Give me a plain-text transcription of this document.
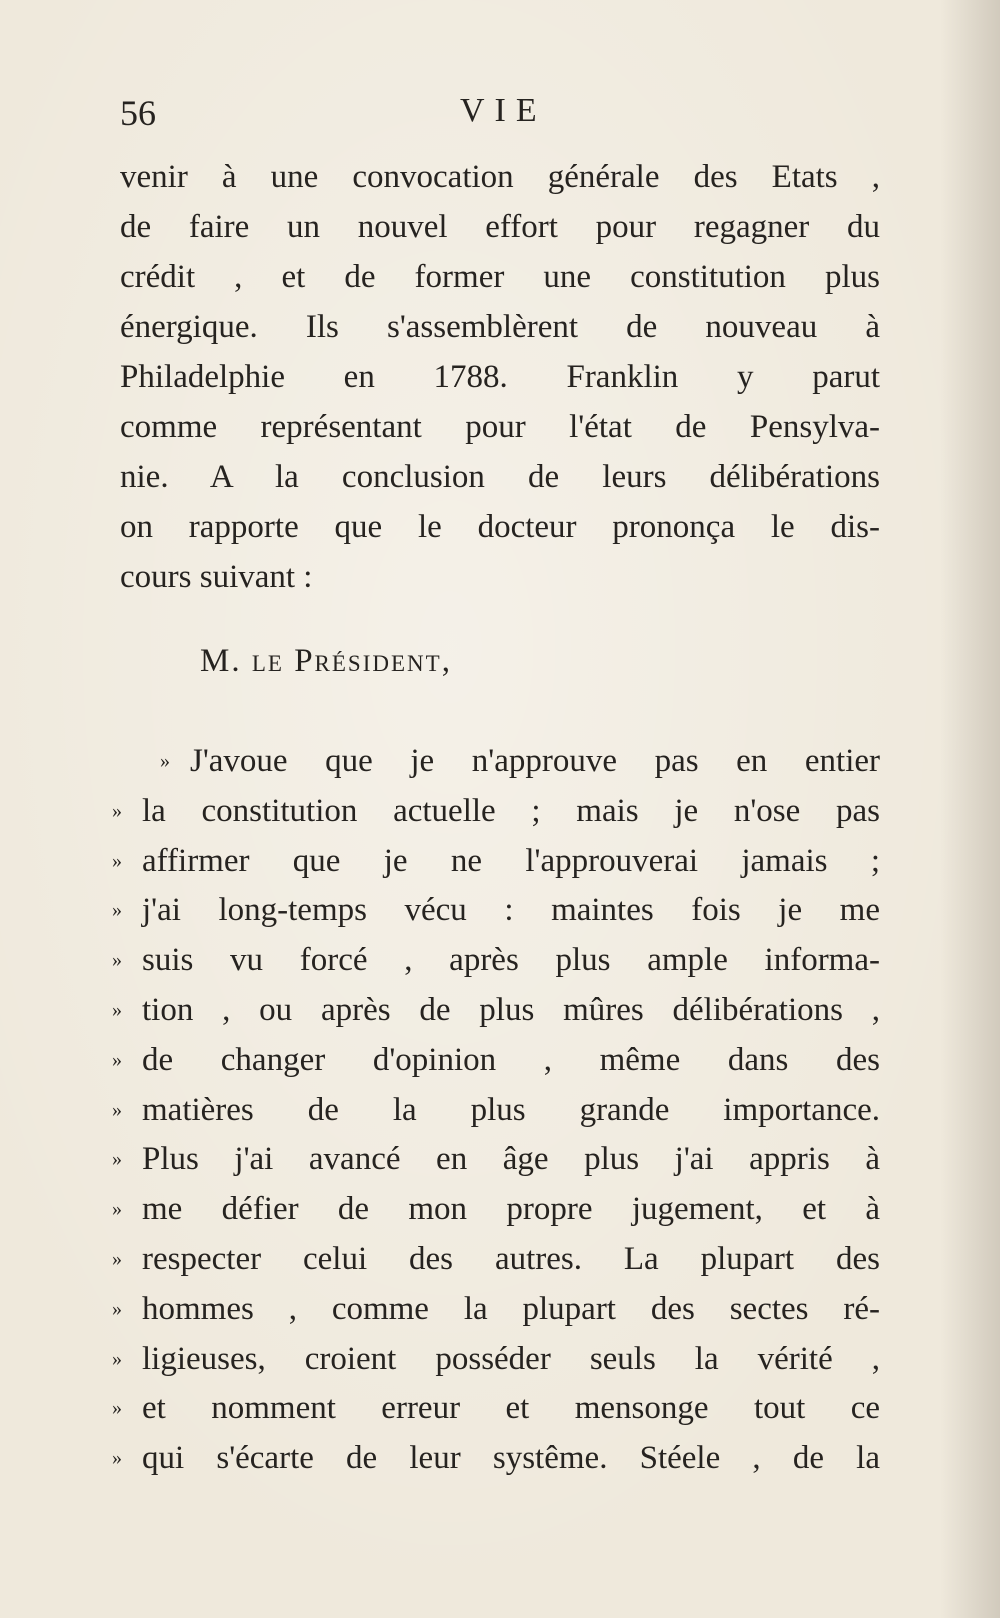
56	VIE
venir à une convocation générale des Etats ,
de faire un nouvel effort pour regagner du
crédit , et de former une constitution plus
énergique. Ils s'assemblèrent de nouveau à
Philadelphie en 1788. Franklin y parut
comme représentant pour l'état de Pensylva-
nie. A la conclusion de leurs délibérations
on rapporte que le docteur prononça le dis-
cours suivant :
M. le Président,
» J'avoue que je n'approuve pas en entier
» la constitution actuelle ; mais je n'ose pas
» affirmer que je ne l'approuverai jamais ;
» j'ai long-temps vécu : maintes fois je me
» suis vu forcé , après plus ample informa-
» tion , ou après de plus mûres délibérations ,
» de changer d'opinion , même dans des
» matières de la plus grande importance.
» Plus j'ai avancé en âge plus j'ai appris à
» me défier de mon propre jugement, et à
» respecter celui des autres. La plupart des
» hommes , comme la plupart des sectes ré-
» ligieuses, croient posséder seuls la vérité ,
» et nomment erreur et mensonge tout ce
» qui s'écarte de leur systême. Stéele , de la
